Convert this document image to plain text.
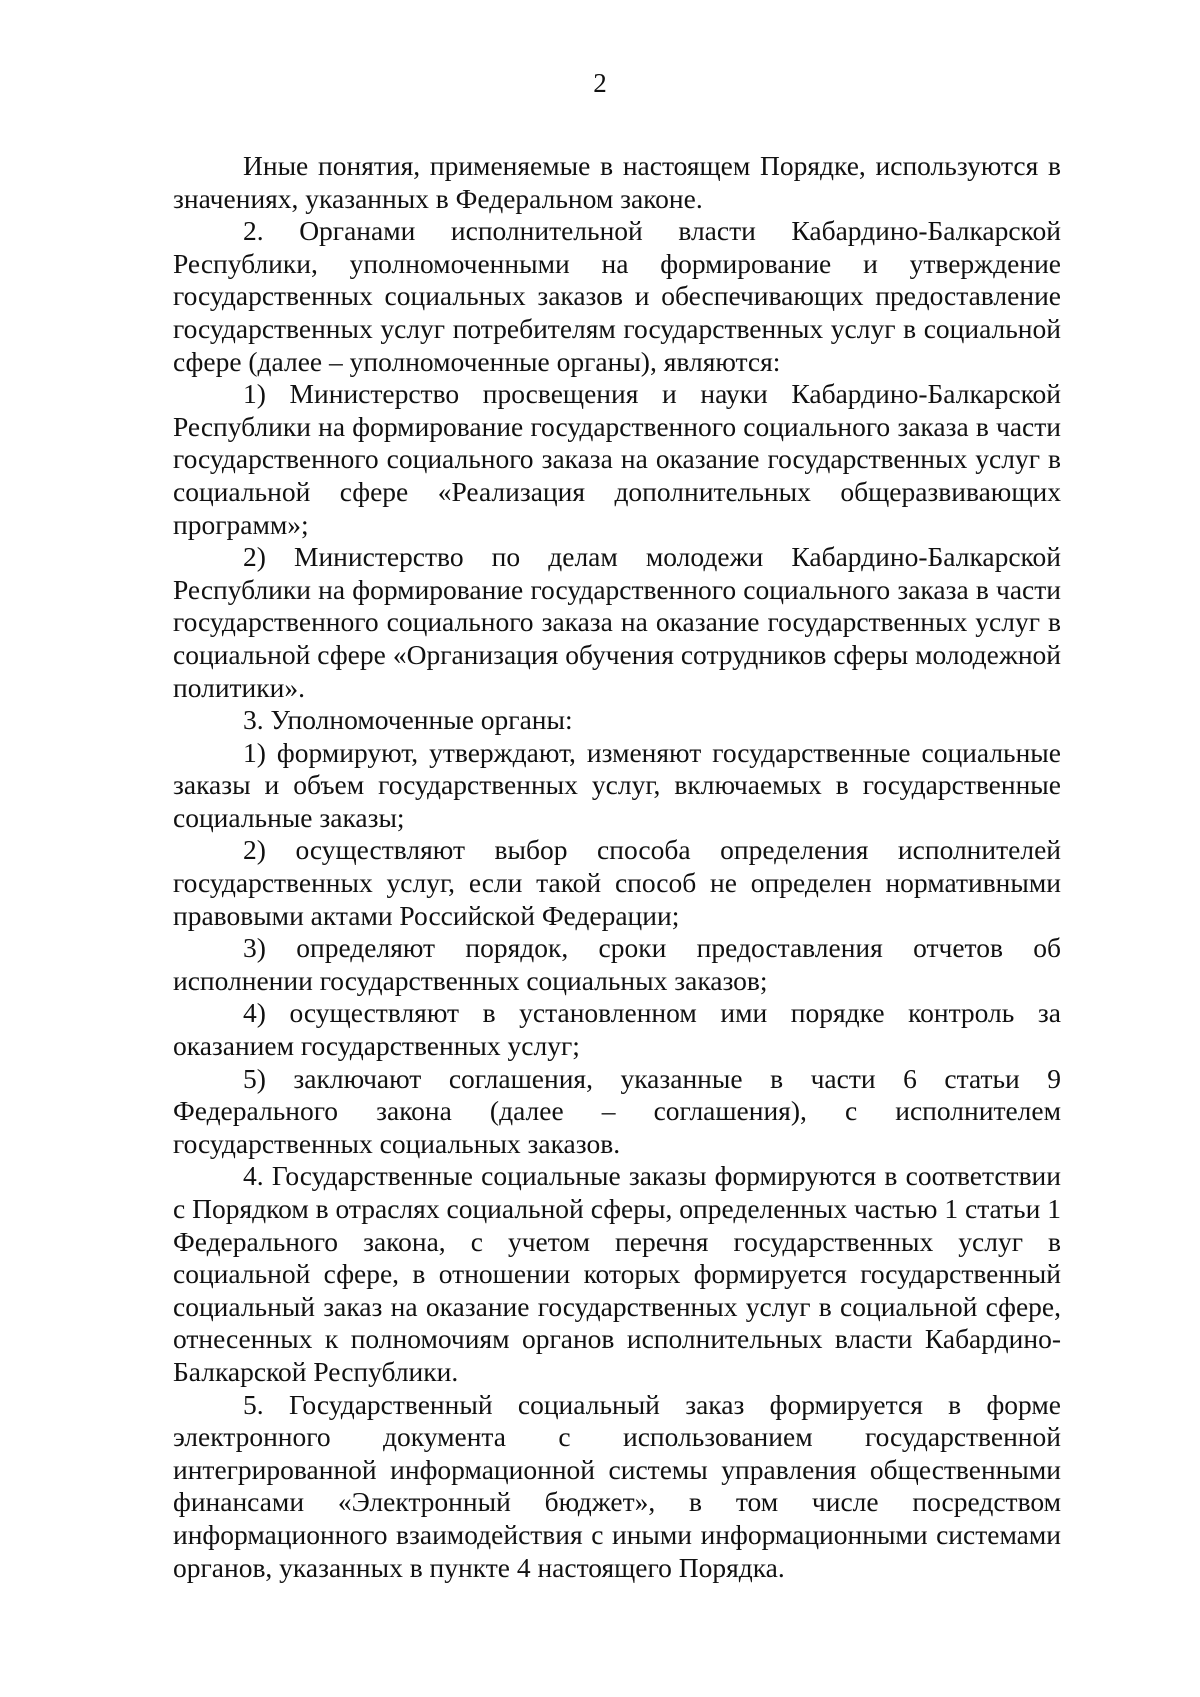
2

Иные понятия, применяемые в настоящем Порядке, используются в значениях, указанных в Федеральном законе.

2. Органами исполнительной власти Кабардино-Балкарской Республики, уполномоченными на формирование и утверждение государственных социальных заказов и обеспечивающих предоставление государственных услуг потребителям государственных услуг в социальной сфере (далее – уполномоченные органы), являются:

1) Министерство просвещения и науки Кабардино-Балкарской Республики на формирование государственного социального заказа в части государственного социального заказа на оказание государственных услуг в социальной сфере «Реализация дополнительных общеразвивающих программ»;

2) Министерство по делам молодежи Кабардино-Балкарской Республики на формирование государственного социального заказа в части государственного социального заказа на оказание государственных услуг в социальной сфере «Организация обучения сотрудников сферы молодежной политики».

3. Уполномоченные органы:

1) формируют, утверждают, изменяют государственные социальные заказы и объем государственных услуг, включаемых в государственные социальные заказы;

2) осуществляют выбор способа определения исполнителей государственных услуг, если такой способ не определен нормативными правовыми актами Российской Федерации;

3) определяют порядок, сроки предоставления отчетов об исполнении государственных социальных заказов;

4) осуществляют в установленном ими порядке контроль за оказанием государственных услуг;

5) заключают соглашения, указанные в части 6 статьи 9 Федерального закона (далее – соглашения), с исполнителем государственных социальных заказов.

4. Государственные социальные заказы формируются в соответствии с Порядком в отраслях социальной сферы, определенных частью 1 статьи 1 Федерального закона, с учетом перечня государственных услуг в социальной сфере, в отношении которых формируется государственный социальный заказ на оказание государственных услуг в социальной сфере, отнесенных к полномочиям органов исполнительных власти Кабардино-Балкарской Республики.

5. Государственный социальный заказ формируется в форме электронного документа с использованием государственной интегрированной информационной системы управления общественными финансами «Электронный бюджет», в том числе посредством информационного взаимодействия с иными информационными системами органов, указанных в пункте 4 настоящего Порядка.
